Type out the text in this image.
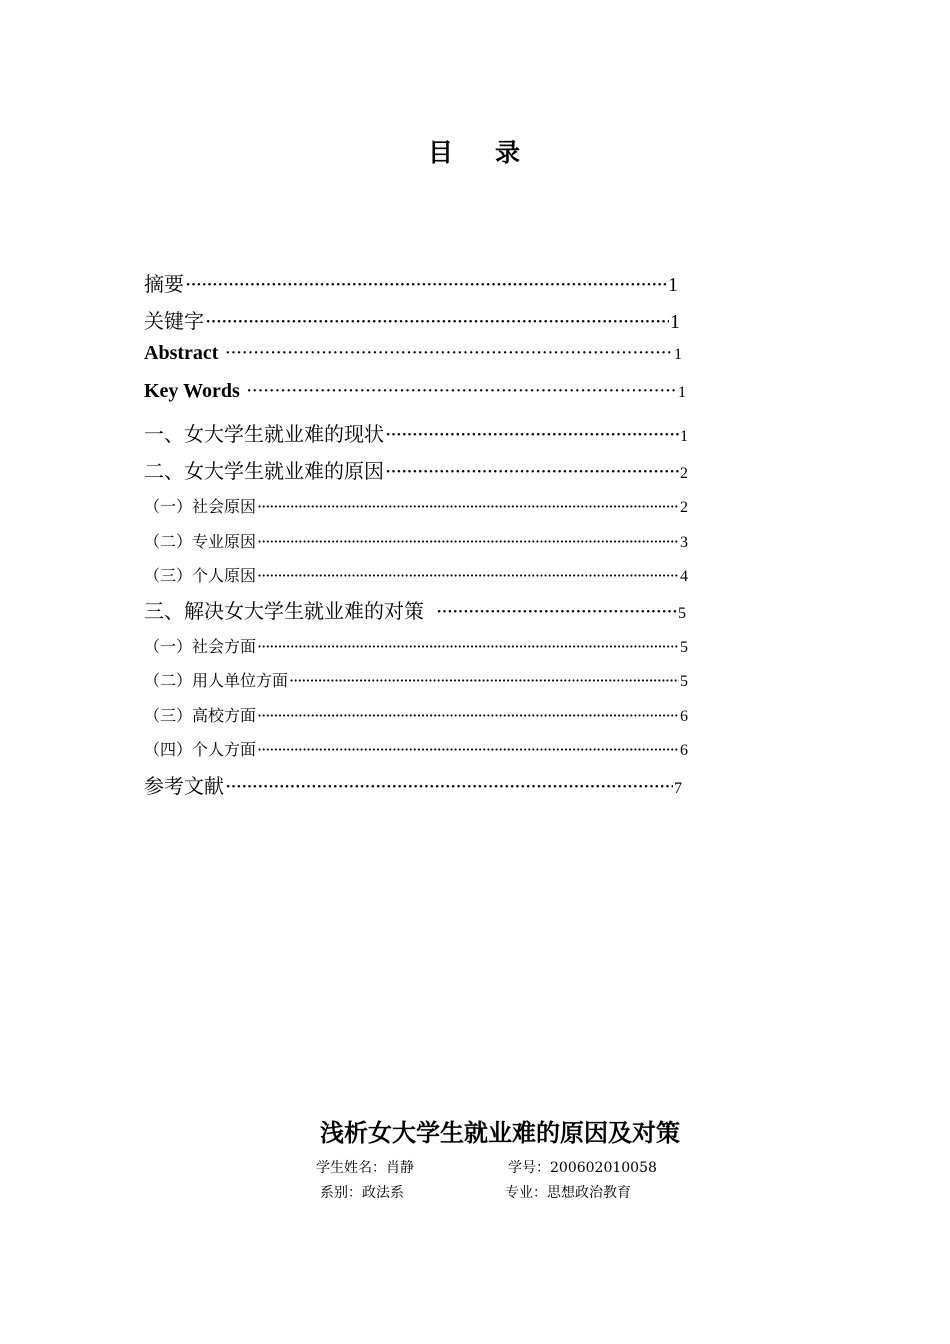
目 录
摘要 ·····	1
关键字 ·····	1
Abstract ·····	1
Key Words ·····	1
一、女大学生就业难的现状 ·····	1
二、女大学生就业难的原因 ·····	2
（一）社会原因 ·····	2
（二）专业原因 ·····	3
（三）个人原因 ·····	4
三、解决女大学生就业难的对策 ·····	5
（一）社会方面 ·····	5
（二）用人单位方面 ·····	5
（三）高校方面 ·····	6
（四）个人方面 ·····	6
参考文献 ·····	7
浅析女大学生就业难的原因及对策
学生姓名：肖静	学号：200602010058
系别：政法系	专业：思想政治教育
